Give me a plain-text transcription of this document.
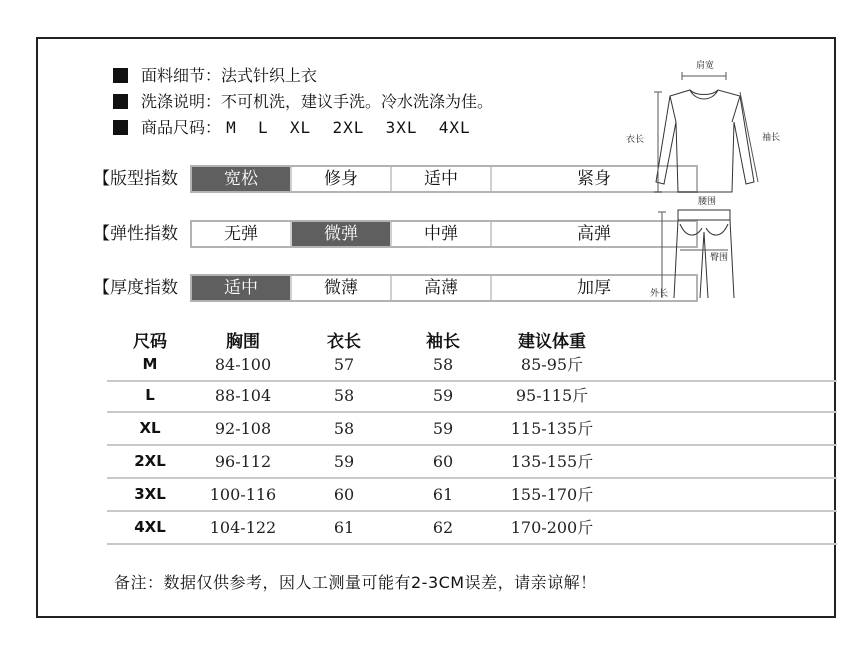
面料细节：法式针织上衣
洗涤说明：不可机洗，建议手洗。冷水洗涤为佳。
商品尺码： M  L  XL  2XL  3XL  4XL
【版型指数	宽松	修身	适中	紧身
【弹性指数	无弹	微弹	中弹	高弹
【厚度指数	适中	微薄	高薄	加厚
肩宽
衣长	袖长
腰围
臀围
外长
尺码	胸围	衣长	袖长	建议体重
M	84-100	57	58	85-95斤
L	88-104	58	59	95-115斤
XL	92-108	58	59	115-135斤
2XL	96-112	59	60	135-155斤
3XL	100-116	60	61	155-170斤
4XL	104-122	61	62	170-200斤
备注：数据仅供参考，因人工测量可能有2-3CM误差，请亲谅解！
